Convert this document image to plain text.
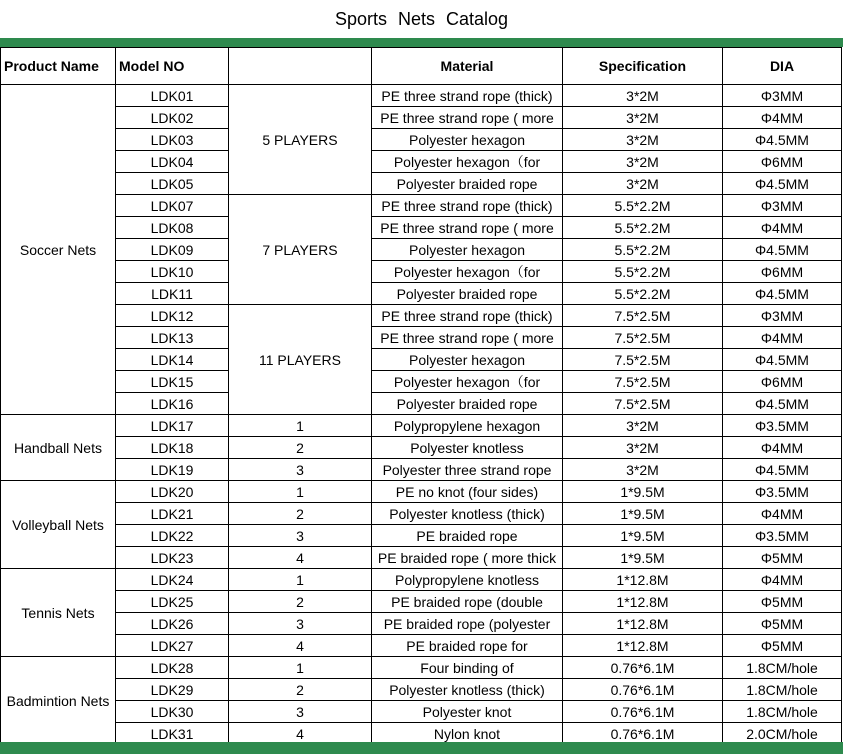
Sports Nets Catalog
Product Name	Model NO		Material	Specification	DIA
Soccer Nets	LDK01	5 PLAYERS	PE three strand rope (thick)	3*2M	Φ3MM
	LDK02		PE three strand rope ( more	3*2M	Φ4MM
	LDK03		Polyester hexagon	3*2M	Φ4.5MM
	LDK04		Polyester hexagon（for	3*2M	Φ6MM
	LDK05		Polyester braided rope	3*2M	Φ4.5MM
	LDK07	7 PLAYERS	PE three strand rope (thick)	5.5*2.2M	Φ3MM
	LDK08		PE three strand rope ( more	5.5*2.2M	Φ4MM
	LDK09		Polyester hexagon	5.5*2.2M	Φ4.5MM
	LDK10		Polyester hexagon（for	5.5*2.2M	Φ6MM
	LDK11		Polyester braided rope	5.5*2.2M	Φ4.5MM
	LDK12	11 PLAYERS	PE three strand rope (thick)	7.5*2.5M	Φ3MM
	LDK13		PE three strand rope ( more	7.5*2.5M	Φ4MM
	LDK14		Polyester hexagon	7.5*2.5M	Φ4.5MM
	LDK15		Polyester hexagon（for	7.5*2.5M	Φ6MM
	LDK16		Polyester braided rope	7.5*2.5M	Φ4.5MM
Handball Nets	LDK17	1	Polypropylene hexagon	3*2M	Φ3.5MM
	LDK18	2	Polyester knotless	3*2M	Φ4MM
	LDK19	3	Polyester three strand rope	3*2M	Φ4.5MM
Volleyball Nets	LDK20	1	PE no knot (four sides)	1*9.5M	Φ3.5MM
	LDK21	2	Polyester knotless (thick)	1*9.5M	Φ4MM
	LDK22	3	PE braided rope	1*9.5M	Φ3.5MM
	LDK23	4	PE braided rope ( more thick	1*9.5M	Φ5MM
Tennis Nets	LDK24	1	Polypropylene knotless	1*12.8M	Φ4MM
	LDK25	2	PE braided rope (double	1*12.8M	Φ5MM
	LDK26	3	PE braided rope (polyester	1*12.8M	Φ5MM
	LDK27	4	PE braided rope for	1*12.8M	Φ5MM
Badmintion Nets	LDK28	1	Four binding of	0.76*6.1M	1.8CM/hole
	LDK29	2	Polyester knotless (thick)	0.76*6.1M	1.8CM/hole
	LDK30	3	Polyester knot	0.76*6.1M	1.8CM/hole
	LDK31	4	Nylon knot	0.76*6.1M	2.0CM/hole
